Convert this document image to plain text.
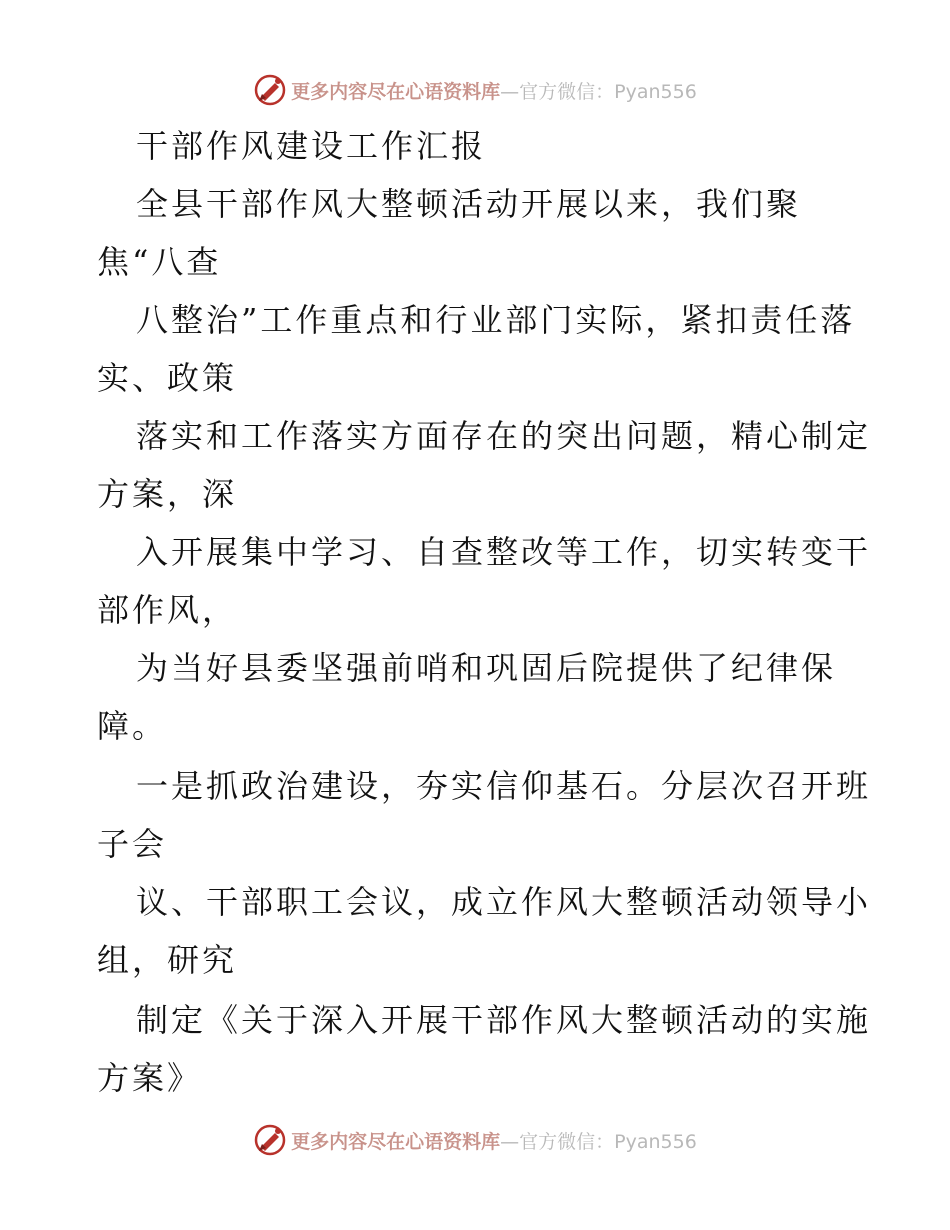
更多内容尽在心语资料库—官方微信：Pyan556
干部作风建设工作汇报
全县干部作风大整顿活动开展以来，我们聚
焦“八查
八整治”工作重点和行业部门实际，紧扣责任落
实、政策
落实和工作落实方面存在的突出问题，精心制定
方案，深
入开展集中学习、自查整改等工作，切实转变干
部作风，
为当好县委坚强前哨和巩固后院提供了纪律保
障。
一是抓政治建设，夯实信仰基石。分层次召开班
子会
议、干部职工会议，成立作风大整顿活动领导小
组，研究
制定《关于深入开展干部作风大整顿活动的实施
方案》
更多内容尽在心语资料库—官方微信：Pyan556
